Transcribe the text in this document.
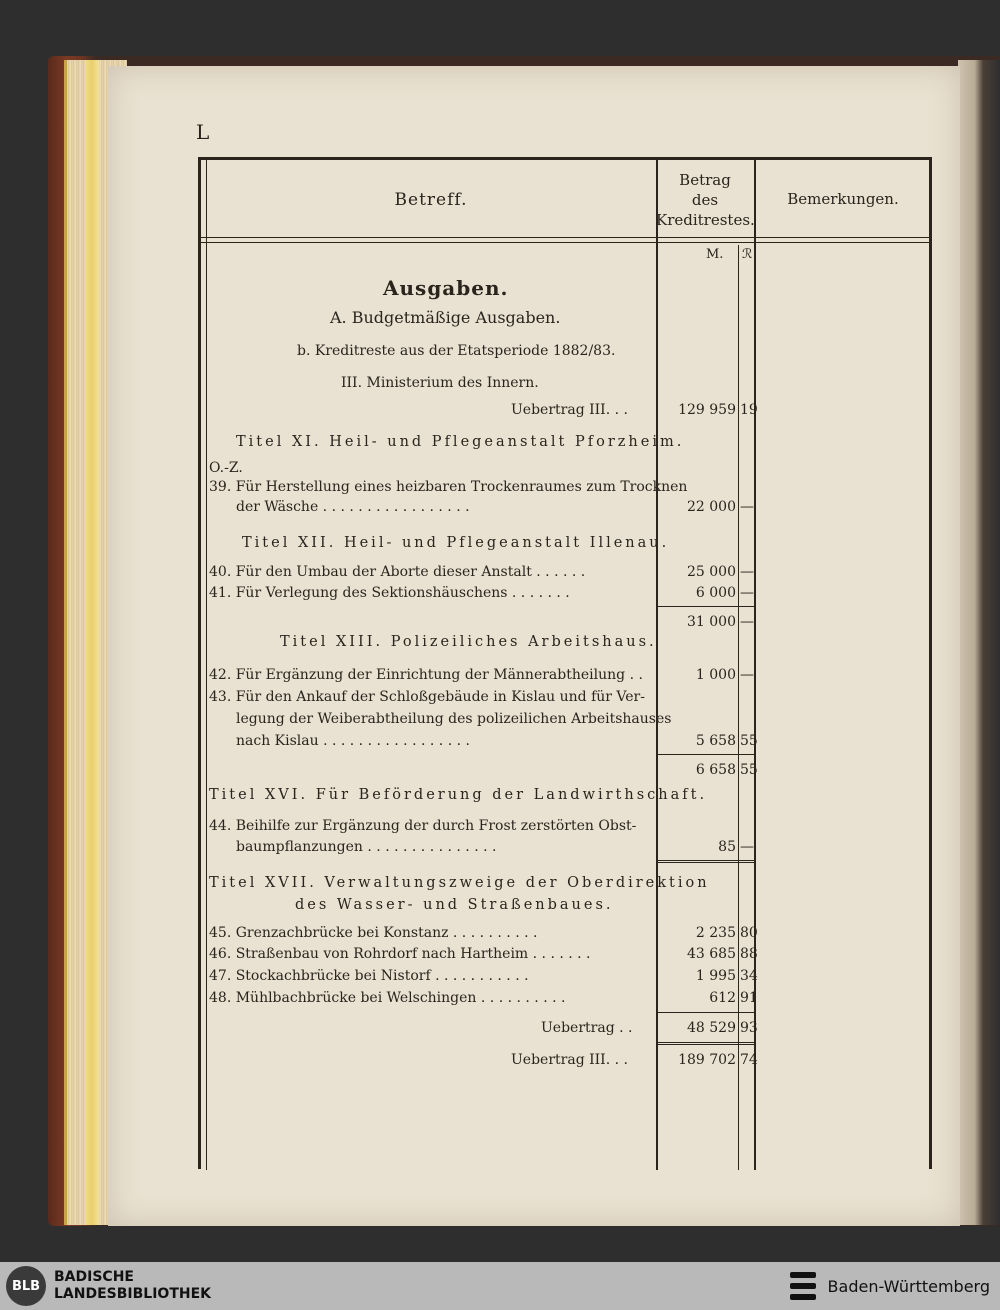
L
Betreff.
Betrag
des
Kreditrestes.
Bemerkungen.
M. ℛ
Ausgaben.
A. Budgetmäßige Ausgaben.
b. Kreditreste aus der Etatsperiode 1882/83.
III. Ministerium des Innern.
Uebertrag III. . .	129 959 19
Titel XI. Heil- und Pflegeanstalt Pforzheim.
O.-Z.
39. Für Herstellung eines heizbaren Trockenraumes zum Trocknen
der Wäsche . . . . . . . . . . . . . . . . .	22 000 —
Titel XII. Heil- und Pflegeanstalt Illenau.
40. Für den Umbau der Aborte dieser Anstalt . . . . . .	25 000 —
41. Für Verlegung des Sektionshäuschens . . . . . . .	6 000 —
31 000 —
Titel XIII. Polizeiliches Arbeitshaus.
42. Für Ergänzung der Einrichtung der Männerabtheilung . .	1 000 —
43. Für den Ankauf der Schloßgebäude in Kislau und für Ver-
legung der Weiberabtheilung des polizeilichen Arbeitshauses
nach Kislau . . . . . . . . . . . . . . . . .	5 658 55
6 658 55
Titel XVI. Für Beförderung der Landwirthschaft.
44. Beihilfe zur Ergänzung der durch Frost zerstörten Obst-
baumpflanzungen . . . . . . . . . . . . . . .	85 —
Titel XVII. Verwaltungszweige der Oberdirektion
des Wasser- und Straßenbaues.
45. Grenzachbrücke bei Konstanz . . . . . . . . . .	2 235 80
46. Straßenbau von Rohrdorf nach Hartheim . . . . . . .	43 685 88
47. Stockachbrücke bei Nistorf . . . . . . . . . . .	1 995 34
48. Mühlbachbrücke bei Welschingen . . . . . . . . . .	612 91
Uebertrag . .	48 529 93
Uebertrag III. . .	189 702 74
BLB
BADISCHE
LANDESBIBLIOTHEK	Baden-Württemberg
